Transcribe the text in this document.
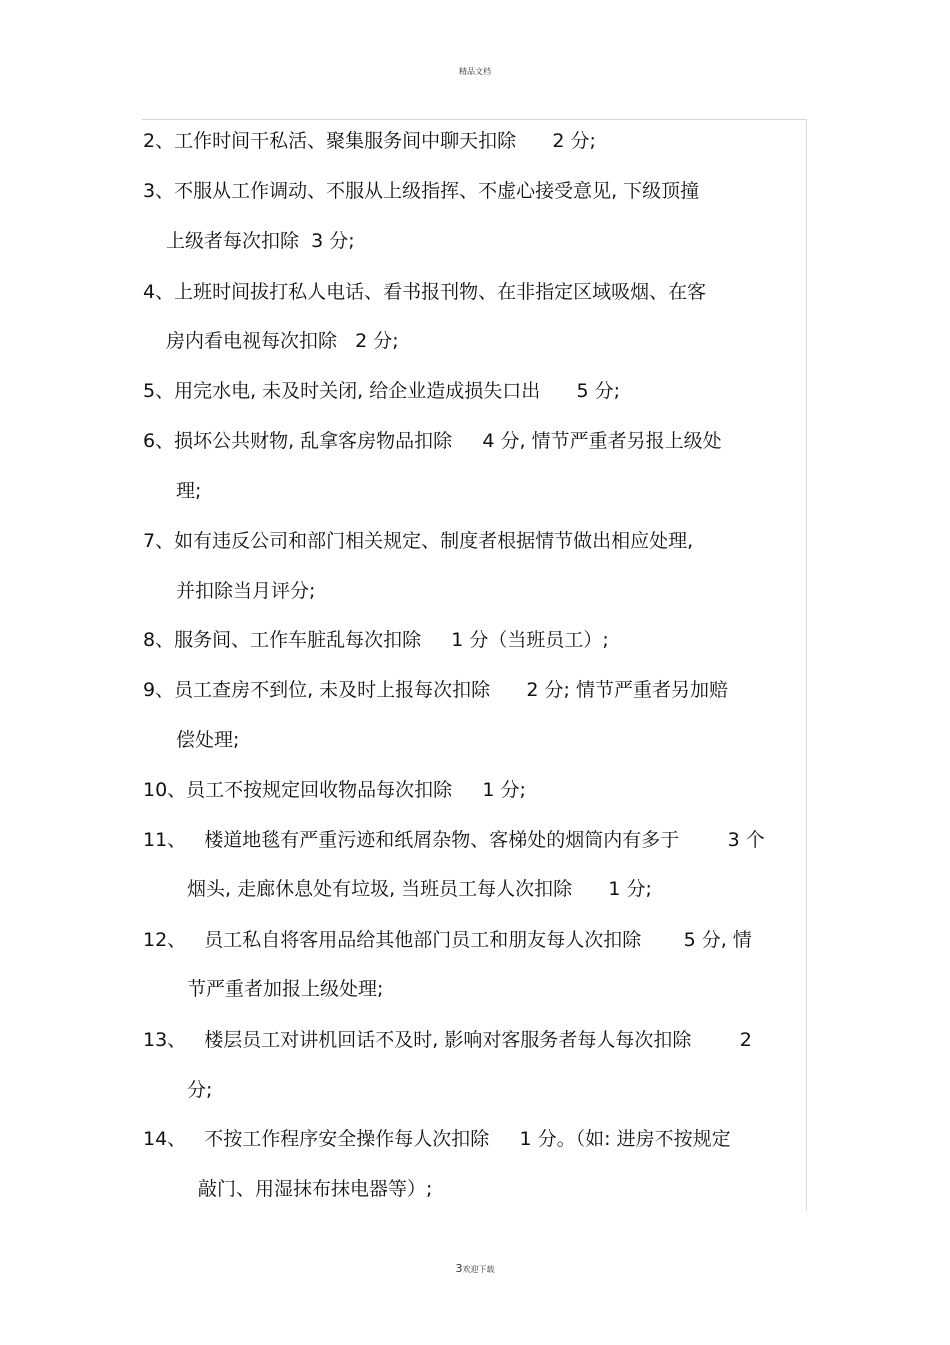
精品文档
2、工作时间干私活、聚集服务间中聊天扣除      2 分;
3、不服从工作调动、不服从上级指挥、不虚心接受意见, 下级顶撞
上级者每次扣除  3 分;
4、上班时间拔打私人电话、看书报刊物、在非指定区域吸烟、在客
房内看电视每次扣除   2 分;
5、用完水电, 未及时关闭, 给企业造成损失口出      5 分;
6、损坏公共财物, 乱拿客房物品扣除     4 分, 情节严重者另报上级处
理;
7、如有违反公司和部门相关规定、制度者根据情节做出相应处理,
并扣除当月评分;
8、服务间、工作车脏乱每次扣除     1 分（当班员工）;
9、员工查房不到位, 未及时上报每次扣除      2 分; 情节严重者另加赔
偿处理;
10、员工不按规定回收物品每次扣除     1 分;
11、   楼道地毯有严重污迹和纸屑杂物、客梯处的烟筒内有多于        3 个
烟头, 走廊休息处有垃圾, 当班员工每人次扣除      1 分;
12、   员工私自将客用品给其他部门员工和朋友每人次扣除       5 分, 情
节严重者加报上级处理;
13、   楼层员工对讲机回话不及时, 影响对客服务者每人每次扣除        2
分;
14、   不按工作程序安全操作每人次扣除     1 分。（如: 进房不按规定
敲门、用湿抹布抹电器等）;
3欢迎下载
